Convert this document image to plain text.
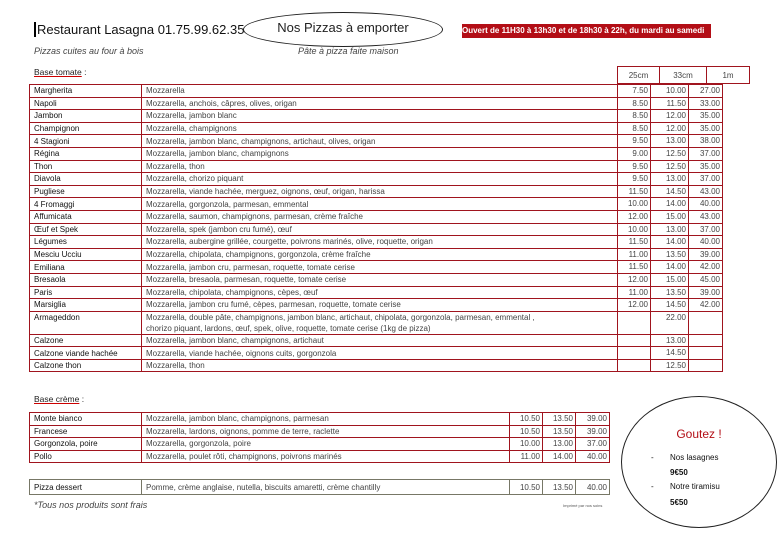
Restaurant Lasagna 01.75.99.62.35	Nos Pizzas à emporter	Ouvert de 11H30 à 13h30 et de 18h30 à 22h, du mardi au samedi
Pizzas cuites au four à bois	Pâte à pizza faite maison
Base tomate :	25cm	33cm	1m
Margherita	Mozzarella	7.50	10.00	27.00
Napoli	Mozzarella, anchois, câpres, olives, origan	8.50	11.50	33.00
Jambon	Mozzarella, jambon blanc	8.50	12.00	35.00
Champignon	Mozzarella, champignons	8.50	12.00	35.00
4 Stagioni	Mozzarella, jambon blanc, champignons, artichaut, olives, origan	9.50	13.00	38.00
Régina	Mozzarella, jambon blanc, champignons	9.00	12.50	37.00
Thon	Mozzarella, thon	9.50	12.50	35.00
Diavola	Mozzarella, chorizo piquant	9.50	13.00	37.00
Pugliese	Mozzarella, viande hachée, merguez, oignons, œuf, origan, harissa	11.50	14.50	43.00
4 Fromaggi	Mozzarella, gorgonzola, parmesan, emmental	10.00	14.00	40.00
Affumicata	Mozzarella, saumon, champignons, parmesan, crème fraîche	12.00	15.00	43.00
Œuf et Spek	Mozzarella, spek (jambon cru fumé), œuf	10.00	13.00	37.00
Légumes	Mozzarella, aubergine grillée, courgette, poivrons marinés, olive, roquette, origan	11.50	14.00	40.00
Mesciu Ucciu	Mozzarella, chipolata, champignons, gorgonzola, crème fraîche	11.00	13.50	39.00
Emiliana	Mozzarella, jambon cru, parmesan, roquette, tomate cerise	11.50	14.00	42.00
Bresaola	Mozzarella, bresaola, parmesan, roquette, tomate cerise	12.00	15.00	45.00
Paris	Mozzarella, chipolata, champignons, cèpes, œuf	11.00	13.50	39.00
Marsiglia	Mozzarella, jambon cru fumé, cèpes, parmesan, roquette, tomate cerise	12.00	14.50	42.00
Armageddon	Mozzarella, double pâte, champignons, jambon blanc, artichaut, chipolata, gorgonzola, parmesan, emmental ,
chorizo piquant, lardons, œuf, spek, olive, roquette, tomate cerise (1kg de pizza)		22.00	
Calzone	Mozzarella, jambon blanc, champignons, artichaut		13.00	
Calzone viande hachée	Mozzarella, viande hachée, oignons cuits, gorgonzola		14.50	
Calzone thon	Mozzarella, thon		12.50	
Base crème :
Monte bianco	Mozzarella, jambon blanc, champignons, parmesan	10.50	13.50	39.00
Francese	Mozzarella, lardons, oignons, pomme de terre, raclette	10.50	13.50	39.00
Gorgonzola, poire	Mozzarella, gorgonzola, poire	10.00	13.00	37.00
Pollo	Mozzarella, poulet rôti, champignons, poivrons marinés	11.00	14.00	40.00
Pizza dessert	Pomme, crème anglaise, nutella, biscuits amaretti, crème chantilly	10.50	13.50	40.00
*Tous nos produits sont frais	Imprimé par nos soins
Goutez !
- Nos lasagnes
9€50
- Notre tiramisu
5€50
